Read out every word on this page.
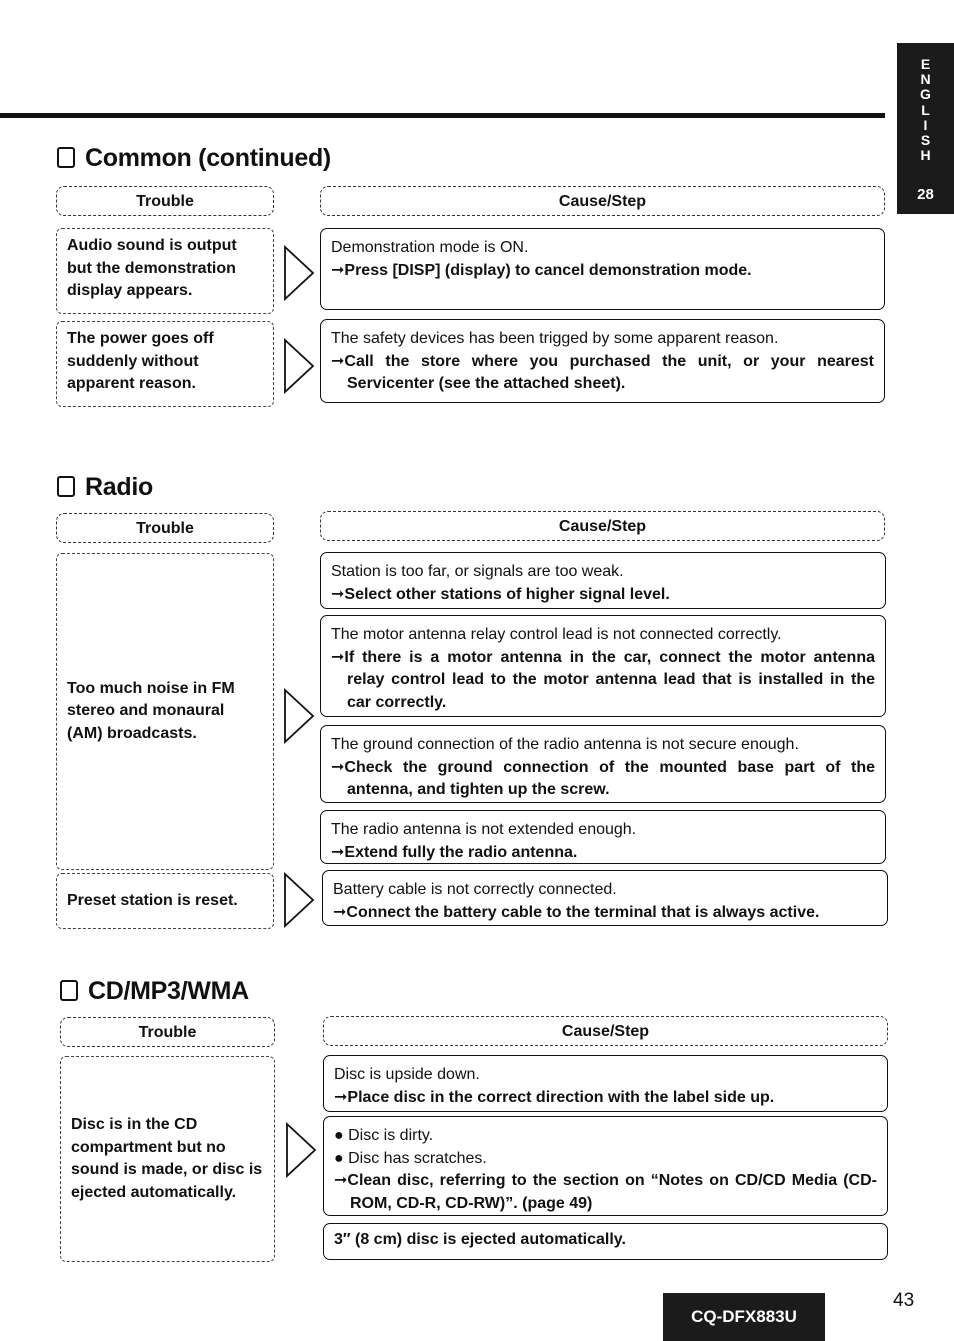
E
N
G
L
I
S
H
28
Common (continued)
Trouble	Cause/Step
Audio sound is output but the demonstration display appears.
Demonstration mode is ON.
➞Press [DISP] (display) to cancel demonstration mode.
The power goes off suddenly without apparent reason.
The safety devices has been trigged by some apparent reason.
➞Call the store where you purchased the unit, or your nearest Servicenter (see the attached sheet).
Radio
Trouble	Cause/Step
Too much noise in FM stereo and monaural (AM) broadcasts.
Station is too far, or signals are too weak.
➞Select other stations of higher signal level.
The motor antenna relay control lead is not connected correctly.
➞If there is a motor antenna in the car, connect the motor antenna relay control lead to the motor antenna lead that is installed in the car correctly.
The ground connection of the radio antenna is not secure enough.
➞Check the ground connection of the mounted base part of the antenna, and tighten up the screw.
The radio antenna is not extended enough.
➞Extend fully the radio antenna.
Preset station is reset.
Battery cable is not correctly connected.
➞Connect the battery cable to the terminal that is always active.
CD/MP3/WMA
Trouble	Cause/Step
Disc is in the CD compartment but no sound is made, or disc is ejected automatically.
Disc is upside down.
➞Place disc in the correct direction with the label side up.
● Disc is dirty.
● Disc has scratches.
➞Clean disc, referring to the section on “Notes on CD/CD Media (CD-ROM, CD-R, CD-RW)”. (page 49)
3″ (8 cm) disc is ejected automatically.
CQ-DFX883U
43
